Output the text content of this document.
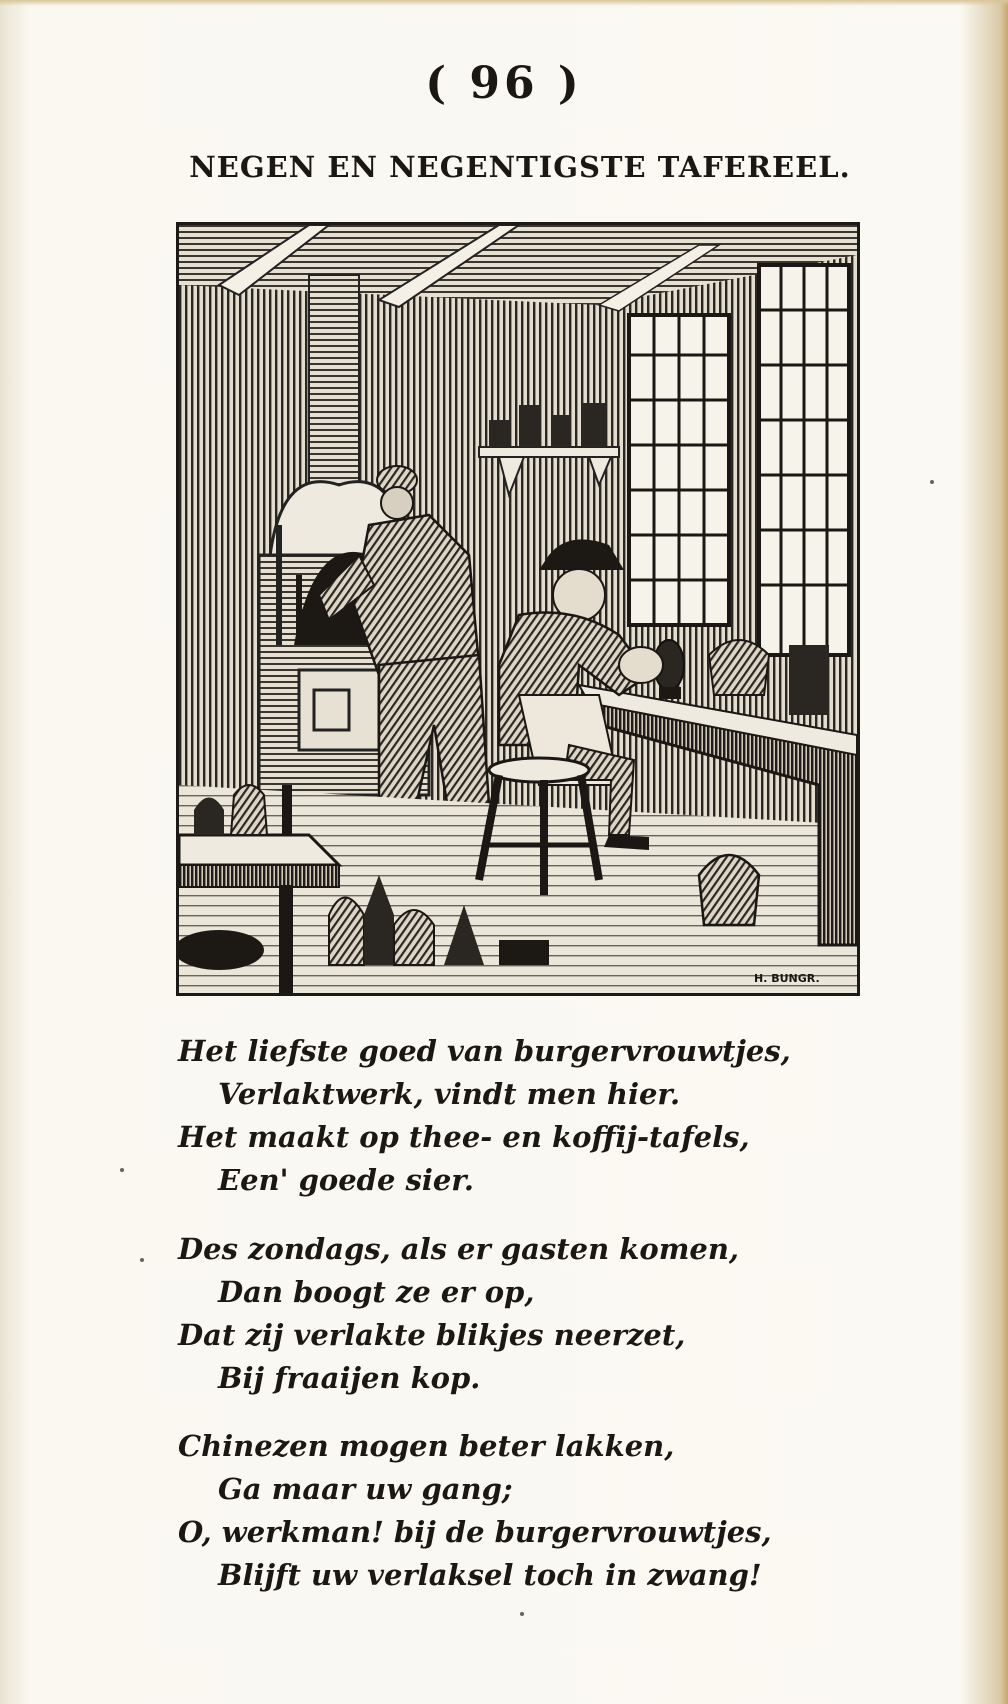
( 96 )
NEGEN EN NEGENTIGSTE TAFEREEL.
H. BUNGR.
Het liefste goed van burgervrouwtjes,
Verlaktwerk, vindt men hier.
Het maakt op thee- en koffij-tafels,
Een' goede sier.
Des zondags, als er gasten komen,
Dan boogt ze er op,
Dat zij verlakte blikjes neerzet,
Bij fraaijen kop.
Chinezen mogen beter lakken,
Ga maar uw gang;
O, werkman! bij de burgervrouwtjes,
Blijft uw verlaksel toch in zwang!
